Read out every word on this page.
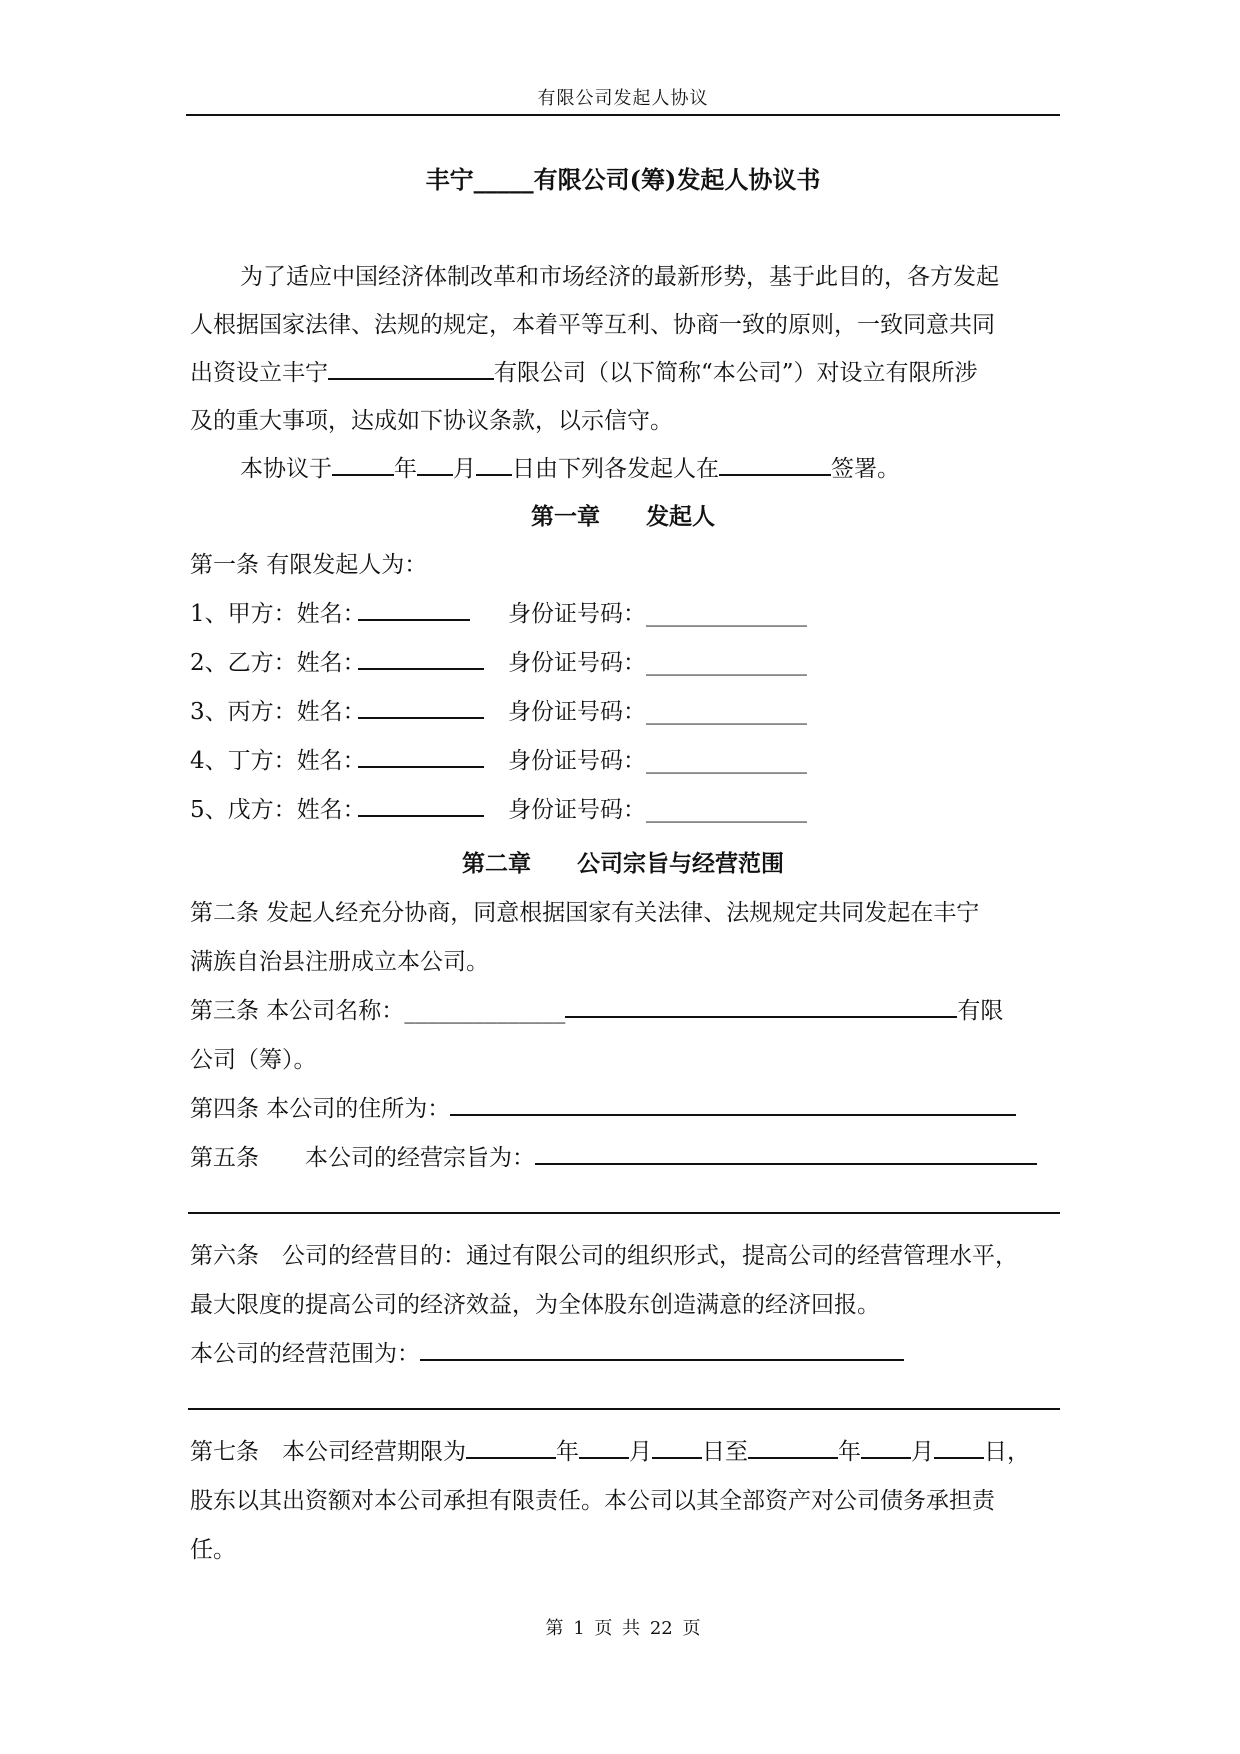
有限公司发起人协议
丰宁_____有限公司(筹)发起人协议书
为了适应中国经济体制改革和市场经济的最新形势，基于此目的，各方发起
人根据国家法律、法规的规定，本着平等互利、协商一致的原则，一致同意共同
出资设立丰宁	有限公司（以下简称“本公司”）对设立有限所涉
及的重大事项，达成如下协议条款，以示信守。
本协议于	年 月 日由下列各发起人在	签署。
第一章　　发起人
第一条 有限发起人为：
1、甲方：姓名：	身份证号码：______________
2、乙方：姓名：	身份证号码：______________
3、丙方：姓名：	身份证号码：______________
4、丁方：姓名：	身份证号码：______________
5、戊方：姓名：	身份证号码：______________
第二章　　公司宗旨与经营范围
第二条 发起人经充分协商，同意根据国家有关法律、法规规定共同发起在丰宁
满族自治县注册成立本公司。
第三条 本公司名称：______________	有限
公司（筹）。
第四条 本公司的住所为：
第五条　　本公司的经营宗旨为：
第六条　公司的经营目的：通过有限公司的组织形式，提高公司的经营管理水平，
最大限度的提高公司的经济效益，为全体股东创造满意的经济回报。
本公司的经营范围为：
第七条　本公司经营期限为	年 月 日至	年 月 日，
股东以其出资额对本公司承担有限责任。本公司以其全部资产对公司债务承担责
任。
第 1 页 共 22 页
